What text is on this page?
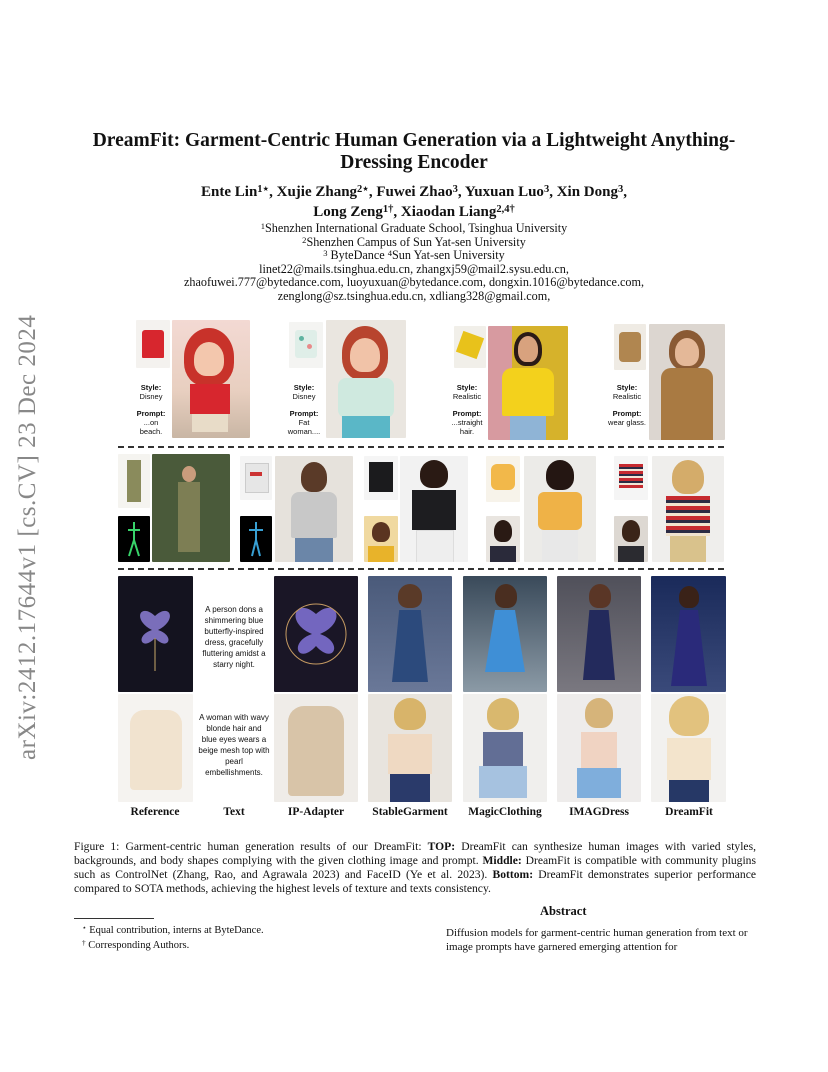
arXiv:2412.17644v1 [cs.CV] 23 Dec 2024
DreamFit: Garment-Centric Human Generation via a Lightweight Anything-Dressing Encoder
Ente Lin$^{1⋆}$, Xujie Zhang$^{2⋆}$, Fuwei Zhao$^3$, Yuxuan Luo$^3$, Xin Dong$^3$,
Long Zeng$^{1\dagger}$, Xiaodan Liang$^{2,4\dagger}$
$^1$Shenzhen International Graduate School, Tsinghua University
$^2$Shenzhen Campus of Sun Yat-sen University
$^3$ ByteDance $^4$Sun Yat-sen University
linet22@mails.tsinghua.edu.cn, zhangxj59@mail2.sysu.edu.cn,
zhaofuwei.777@bytedance.com, luoyuxuan@bytedance.com, dongxin.1016@bytedance.com,
zenglong@sz.tsinghua.edu.cn, xdliang328@gmail.com,
Style:
Disney
Prompt:
...on beach.
Style:
Disney
Prompt:
Fat woman....
Style:
Realistic
Prompt:
...straight hair.
Style:
Realistic
Prompt:
wear glass.
A person dons a shimmering blue butterfly-inspired dress, gracefully fluttering amidst a starry night.
A woman with wavy blonde hair and blue eyes wears a beige mesh top with pearl embellishments.
Reference	Text	IP-Adapter	StableGarment	MagicClothing	IMAGDress	DreamFit
Figure 1: Garment-centric human generation results of our DreamFit: TOP: DreamFit can synthesize human images with varied styles, backgrounds, and body shapes complying with the given clothing image and prompt. Middle: DreamFit is compatible with community plugins such as ControlNet (Zhang, Rao, and Agrawala 2023) and FaceID (Ye et al. 2023). Bottom: DreamFit demonstrates superior performance compared to SOTA methods, achieving the highest levels of texture and texts consistency.
Abstract
⋆ Equal contribution, interns at ByteDance.
† Corresponding Authors.
Diffusion models for garment-centric human generation from text or image prompts have garnered emerging attention for
